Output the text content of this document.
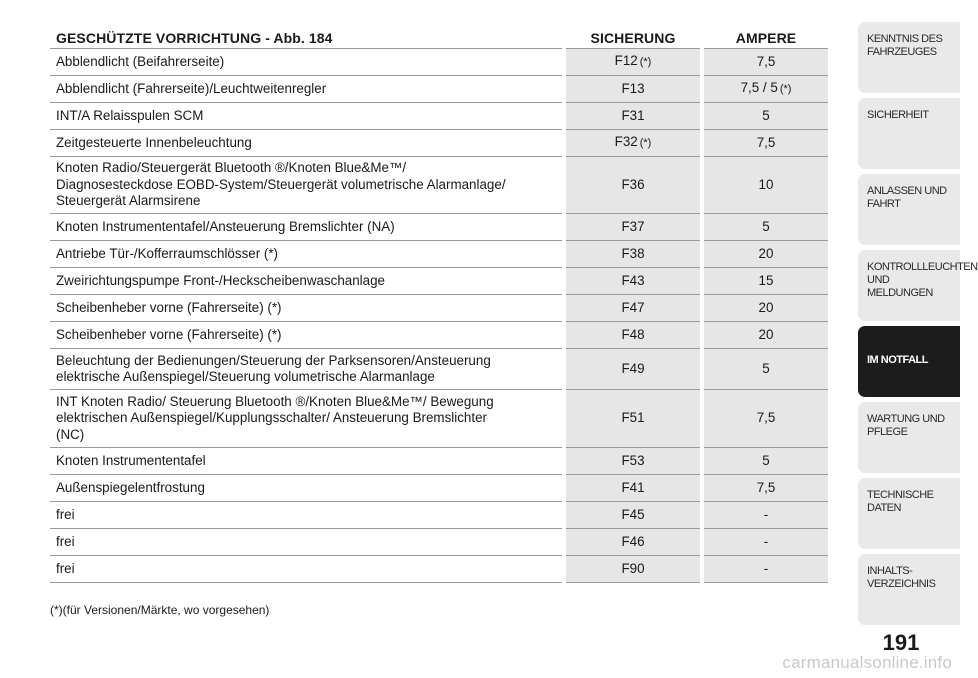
GESCHÜTZTE VORRICHTUNG - Abb. 184	SICHERUNG	AMPERE
Abblendlicht (Beifahrerseite)	F12 (*)	7,5
Abblendlicht (Fahrerseite)/Leuchtweitenregler	F13	7,5 / 5 (*)
INT/A Relaisspulen SCM	F31	5
Zeitgesteuerte Innenbeleuchtung	F32 (*)	7,5
Knoten Radio/Steuergerät Bluetooth ®/Knoten Blue&Me™/
Diagnosesteckdose EOBD-System/Steuergerät volumetrische Alarmanlage/
Steuergerät Alarmsirene	F36	10
Knoten Instrumententafel/Ansteuerung Bremslichter (NA)	F37	5
Antriebe Tür-/Kofferraumschlösser (*)	F38	20
Zweirichtungspumpe Front-/Heckscheibenwaschanlage	F43	15
Scheibenheber vorne (Fahrerseite) (*)	F47	20
Scheibenheber vorne (Fahrerseite) (*)	F48	20
Beleuchtung der Bedienungen/Steuerung der Parksensoren/Ansteuerung
elektrische Außenspiegel/Steuerung volumetrische Alarmanlage	F49	5
INT Knoten Radio/ Steuerung Bluetooth ®/Knoten Blue&Me™/ Bewegung
elektrischen Außenspiegel/Kupplungsschalter/ Ansteuerung Bremslichter
(NC)	F51	7,5
Knoten Instrumententafel	F53	5
Außenspiegelentfrostung	F41	7,5
frei	F45	-
frei	F46	-
frei	F90	-
(*)(für Versionen/Märkte, wo vorgesehen)
KENNTNIS DES
FAHRZEUGES
SICHERHEIT
ANLASSEN UND
FAHRT
KONTROLLLEUCHTEN
UND MELDUNGEN
IM NOTFALL
WARTUNG UND
PFLEGE
TECHNISCHE DATEN
INHALTS-
VERZEICHNIS
191
carmanualsonline.info
